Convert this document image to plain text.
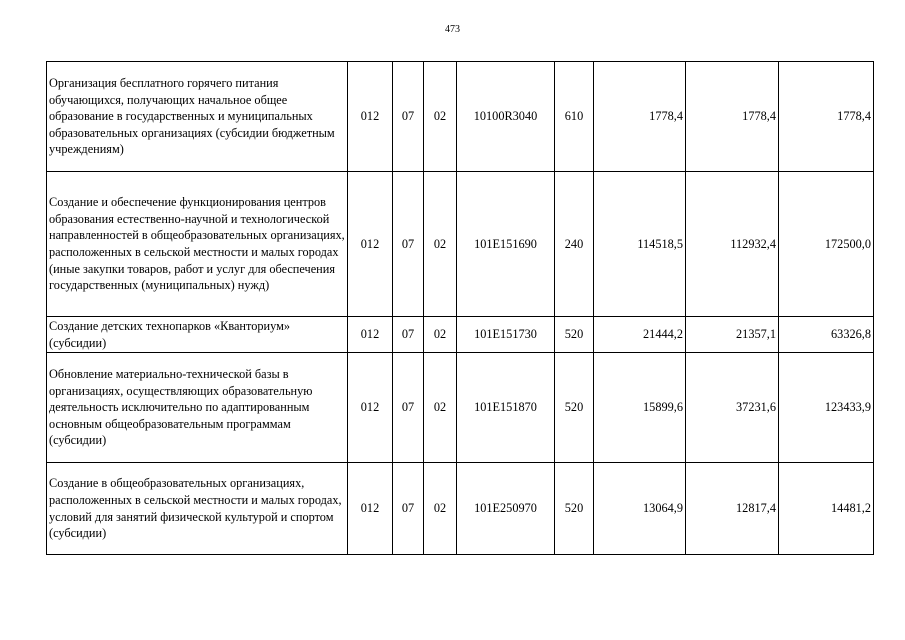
473
Организация бесплатного горячего питания обучающихся, получающих начальное общее образование в государственных и муниципальных образовательных организациях (субсидии бюджетным учреждениям)	012	07	02	10100R3040	610	1778,4	1778,4	1778,4
Создание и обеспечение функционирования центров образования естественно-научной и технологической направленностей в общеобразовательных организациях, расположенных в сельской местности и малых городах (иные закупки товаров, работ и услуг для обеспечения государственных (муниципальных) нужд)	012	07	02	101E151690	240	114518,5	112932,4	172500,0
Создание детских технопарков «Кванториум» (субсидии)	012	07	02	101E151730	520	21444,2	21357,1	63326,8
Обновление материально-технической базы в организациях, осуществляющих образовательную деятельность исключительно по адаптированным основным общеобразовательным программам (субсидии)	012	07	02	101E151870	520	15899,6	37231,6	123433,9
Создание в общеобразовательных организациях, расположенных в сельской местности и малых городах, условий для занятий физической культурой и спортом (субсидии)	012	07	02	101E250970	520	13064,9	12817,4	14481,2
